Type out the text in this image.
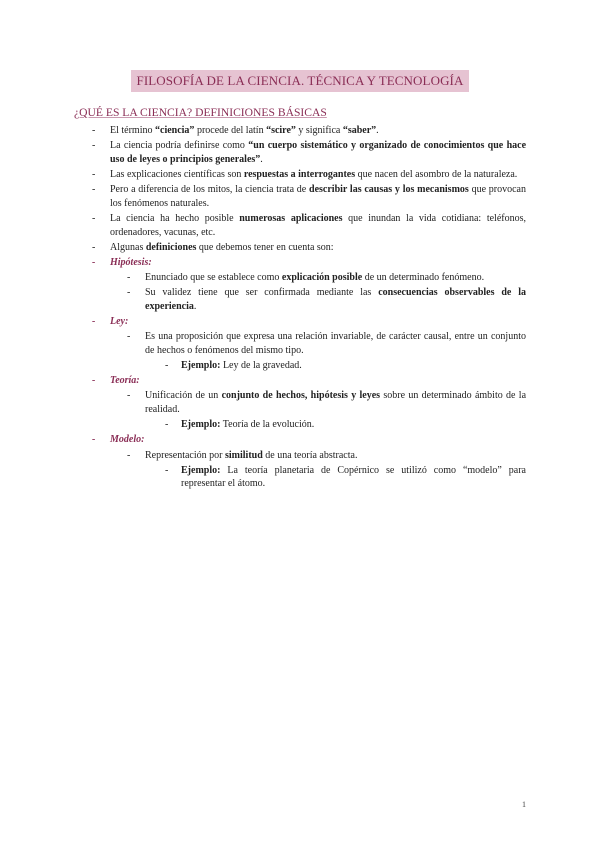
FILOSOFÍA DE LA CIENCIA. TÉCNICA Y TECNOLOGÍA
¿QUÉ ES LA CIENCIA? DEFINICIONES BÁSICAS
- El término “ciencia” procede del latín “scire” y significa “saber”.
- La ciencia podría definirse como “un cuerpo sistemático y organizado de conocimientos que hace uso de leyes o principios generales”.
- Las explicaciones científicas son respuestas a interrogantes que nacen del asombro de la naturaleza.
- Pero a diferencia de los mitos, la ciencia trata de describir las causas y los mecanismos que provocan los fenómenos naturales.
- La ciencia ha hecho posible numerosas aplicaciones que inundan la vida cotidiana: teléfonos, ordenadores, vacunas, etc.
- Algunas definiciones que debemos tener en cuenta son:
- Hipótesis:
- Enunciado que se establece como explicación posible de un determinado fenómeno.
- Su validez tiene que ser confirmada mediante las consecuencias observables de la experiencia.
- Ley:
- Es una proposición que expresa una relación invariable, de carácter causal, entre un conjunto de hechos o fenómenos del mismo tipo.
- Ejemplo: Ley de la gravedad.
- Teoría:
- Unificación de un conjunto de hechos, hipótesis y leyes sobre un determinado ámbito de la realidad.
- Ejemplo: Teoría de la evolución.
- Modelo:
- Representación por similitud de una teoría abstracta.
- Ejemplo: La teoría planetaria de Copérnico se utilizó como “modelo” para representar el átomo.
1
